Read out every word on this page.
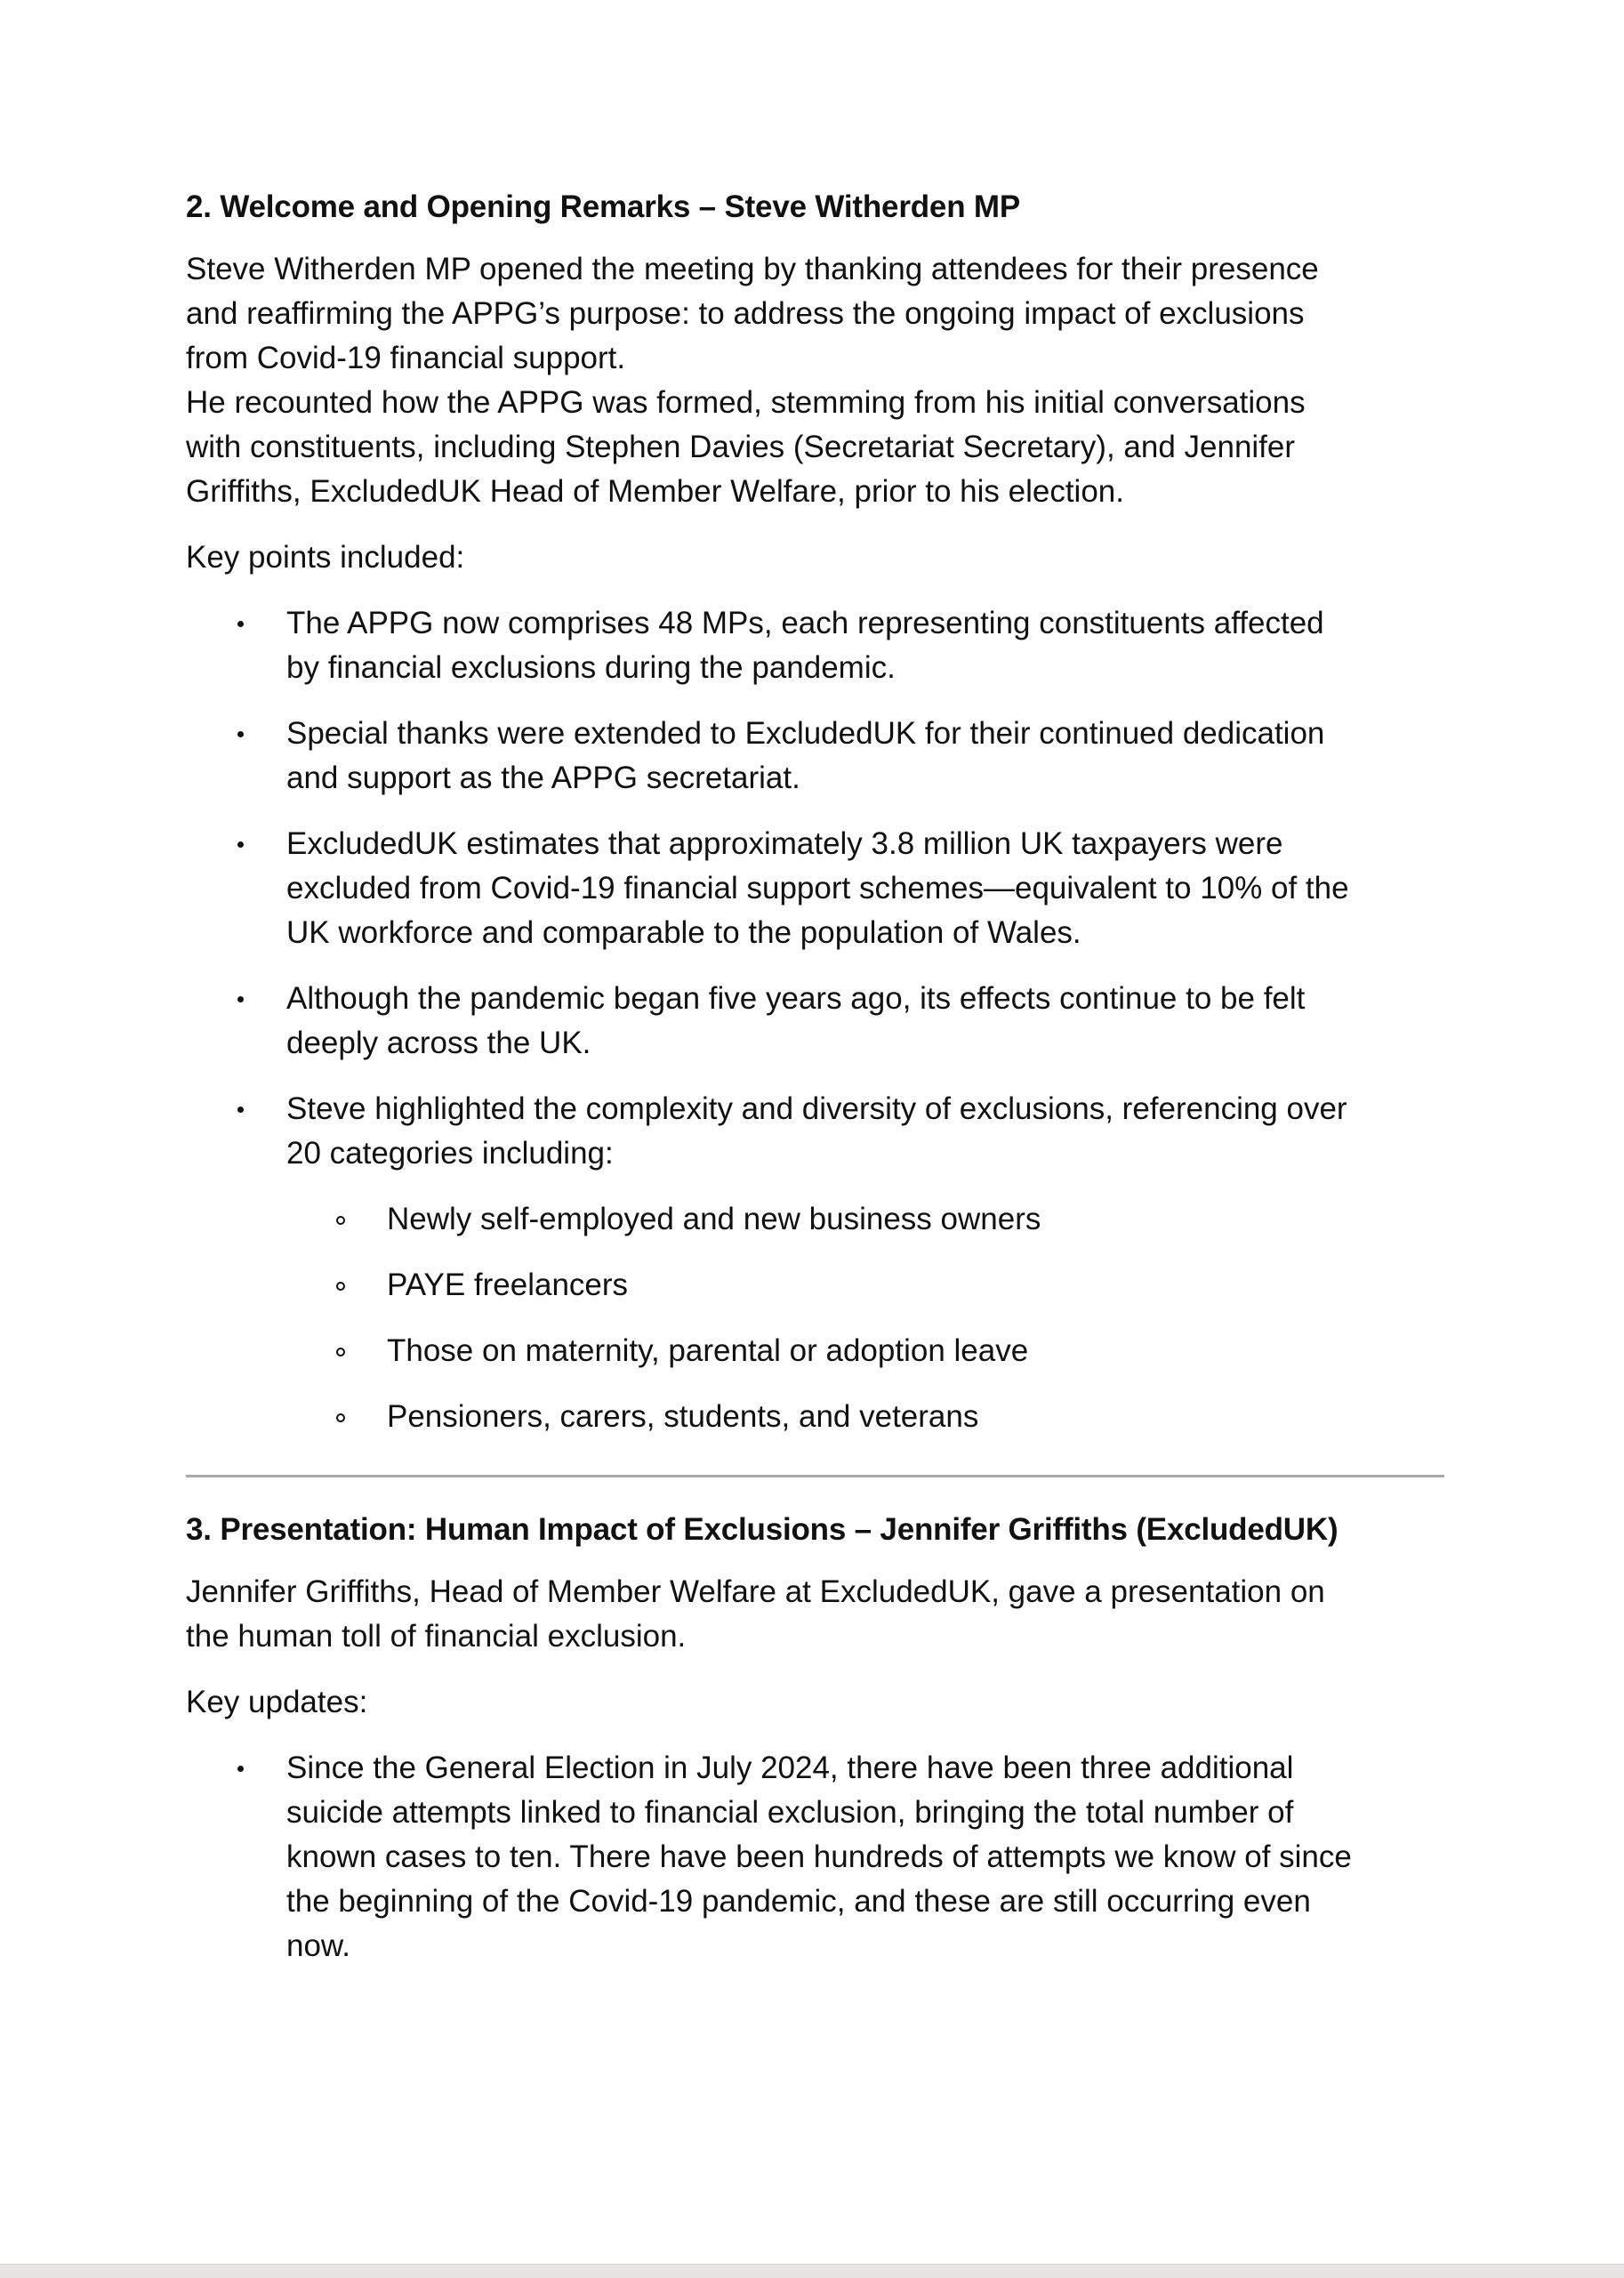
2. Welcome and Opening Remarks – Steve Witherden MP

Steve Witherden MP opened the meeting by thanking attendees for their presence
and reaffirming the APPG’s purpose: to address the ongoing impact of exclusions
from Covid-19 financial support.
He recounted how the APPG was formed, stemming from his initial conversations
with constituents, including Stephen Davies (Secretariat Secretary), and Jennifer
Griffiths, ExcludedUK Head of Member Welfare, prior to his election.

Key points included:

The APPG now comprises 48 MPs, each representing constituents affected
by financial exclusions during the pandemic.
Special thanks were extended to ExcludedUK for their continued dedication
and support as the APPG secretariat.
ExcludedUK estimates that approximately 3.8 million UK taxpayers were
excluded from Covid-19 financial support schemes—equivalent to 10% of the
UK workforce and comparable to the population of Wales.
Although the pandemic began five years ago, its effects continue to be felt
deeply across the UK.
Steve highlighted the complexity and diversity of exclusions, referencing over
20 categories including:
Newly self-employed and new business owners
PAYE freelancers
Those on maternity, parental or adoption leave
Pensioners, carers, students, and veterans
3. Presentation: Human Impact of Exclusions – Jennifer Griffiths (ExcludedUK)

Jennifer Griffiths, Head of Member Welfare at ExcludedUK, gave a presentation on
the human toll of financial exclusion.

Key updates:

Since the General Election in July 2024, there have been three additional
suicide attempts linked to financial exclusion, bringing the total number of
known cases to ten. There have been hundreds of attempts we know of since
the beginning of the Covid-19 pandemic, and these are still occurring even
now.
